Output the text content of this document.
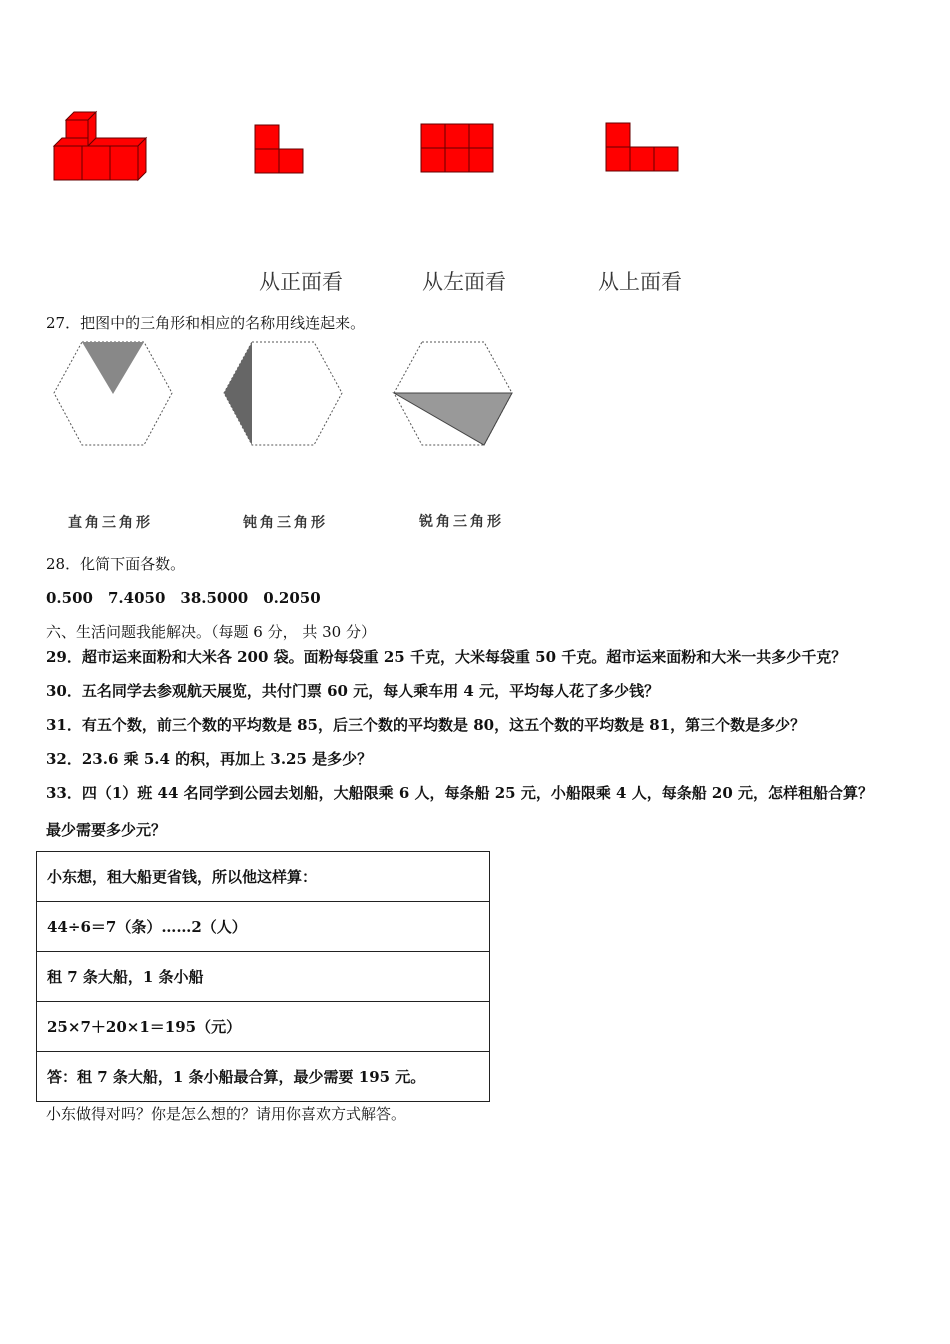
从正面看	从左面看	从上面看
27．把图中的三角形和相应的名称用线连起来。
直角三角形	钝角三角形	锐角三角形
28．化简下面各数。
0.500　7.4050　38.5000　0.2050
六、生活问题我能解决。（每题 6 分， 共 30 分）
29．超市运来面粉和大米各 200 袋。面粉每袋重 25 千克，大米每袋重 50 千克。超市运来面粉和大米一共多少千克？
30．五名同学去参观航天展览，共付门票 60 元，每人乘车用 4 元，平均每人花了多少钱？
31．有五个数，前三个数的平均数是 85，后三个数的平均数是 80，这五个数的平均数是 81，第三个数是多少？
32．23.6 乘 5.4 的积，再加上 3.25 是多少？
33．四（1）班 44 名同学到公园去划船，大船限乘 6 人，每条船 25 元，小船限乘 4 人，每条船 20 元，怎样租船合算？
最少需要多少元？
小东想，租大船更省钱，所以他这样算：
44÷6＝7（条）……2（人）
租 7 条大船，1 条小船
25×7＋20×1＝195（元）
答：租 7 条大船，1 条小船最合算，最少需要 195 元。
小东做得对吗？你是怎么想的？请用你喜欢方式解答。
